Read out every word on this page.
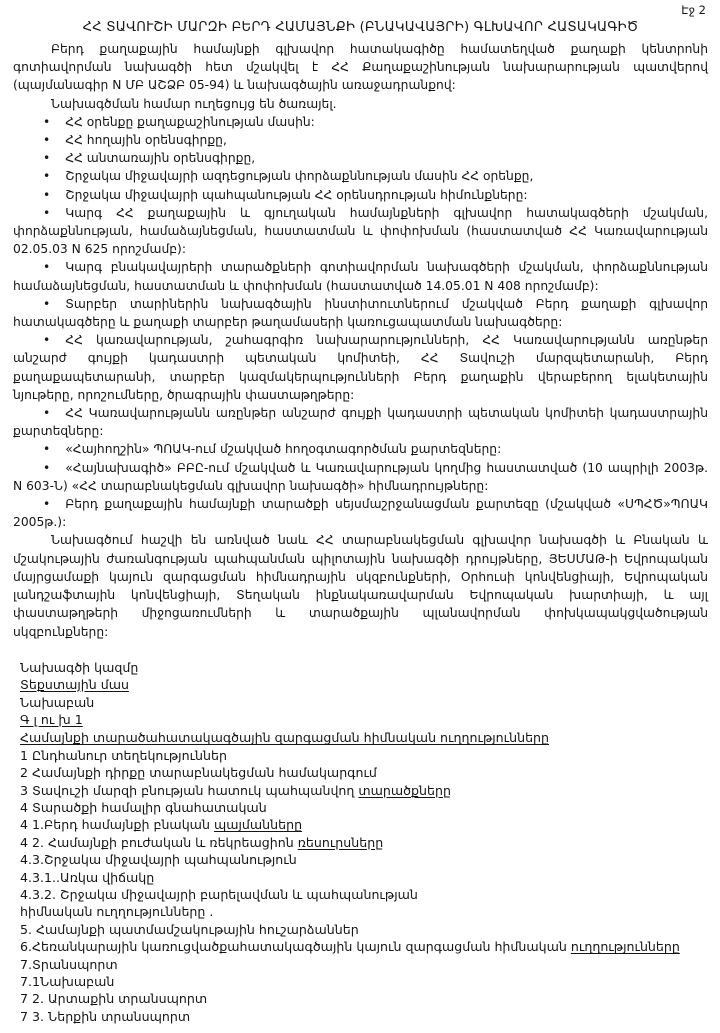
Էջ 2
ՀՀ ՏԱՎՈՒՇԻ ՄԱՐԶԻ ԲԵՐԴ ՀԱՄԱՅՆՔԻ (ԲՆԱԿԱՎԱՅՐԻ) ԳԼԽԱՎՈՐ ՀԱՏԱԿԱԳԻԾ

Բերդ քաղաքային համայնքի գլխավոր հատակագիծը համատեղված քաղաքի կենտրոնի գոտիավորման նախագծի հետ մշակվել է ՀՀ Քաղաքաշինության նախարարության պատվերով (պայմանագիր N ՄԲ ԱՇՁԲ 05-94) և նախագծային առաջադրանքով:

Նախագծման համար ուղեցույց են ծառայել.
• ՀՀ օրենքը քաղաքաշինության մասին:
• ՀՀ հողային օրենսգիրքը,
• ՀՀ անտառային օրենսգիրքը,
• Շրջակա միջավայրի ազդեցության փորձաքննության մասին ՀՀ օրենքը,
• Շրջակա միջավայրի պահպանության ՀՀ օրենսդրության հիմունքները:
• Կարգ ՀՀ քաղաքային և գյուղական համայնքների գլխավոր հատակագծերի մշակման, փորձաքննության, համաձայնեցման, հաստատման և փոփոխման (հաստատված ՀՀ Կառավարության 02.05.03 N 625 որոշմամբ):
• Կարգ բնակավայրերի տարածքների գոտիավորման նախագծերի մշակման, փորձաքննության համաձայնեցման, հաստատման և փոփոխման (հաստատված 14.05.01 N 408 որոշմամբ):
• Տարբեր տարիներին նախագծային ինստիտուտներում մշակված Բերդ քաղաքի գլխավոր հատակագծերը և քաղաքի տարբեր թաղամասերի կառուցապատման նախագծերը:
• ՀՀ կառավարության, շահագրգիռ նախարարությունների, ՀՀ Կառավարությանն առընթեր անշարժ գույքի կադաստրի պետական կոմիտեի, ՀՀ Տավուշի մարզպետարանի, Բերդ քաղաքապետարանի, տարբեր կազմակերպությունների Բերդ քաղաքին վերաբերող ելակետային նյութերը, որոշումները, ծրագրային փաստաթղթերը:
• ՀՀ Կառավարությանն առընթեր անշարժ գույքի կադաստրի պետական կոմիտեի կադաստրային քարտեզները:
• «Հայհողշին» ՊՈԱԿ-ում մշակված հողօգտագործման քարտեզները:
• «Հայնախագիծ» ԲԲԸ-ում մշակված և Կառավարության կողմից հաստատված (10 ապրիլի 2003թ. N 603-Ն) «ՀՀ տարաբնակեցման գլխավոր նախագծի» հիմնադրույթները:
• Բերդ քաղաքային համայնքի տարածքի սեյսմաշրջանացման քարտեզը (մշակված «ՍՊՀԾ»ՊՈԱԿ 2005թ.):

Նախագծում հաշվի են առնված նաև ՀՀ տարաբնակեցման գլխավոր նախագծի և Բնական և մշակութային ժառանգության պահպանման պիլոտային նախագծի դրույթները, ՅԵՍՄԱԹ-ի Եվրոպական մայրցամաքի կայուն զարգացման հիմնադրային սկզբունքների, Օրհուսի կոնվենցիայի, Եվրոպական լանդշաֆտային կոնվենցիայի, Տեղական ինքնակառավարման Եվրոպական խարտիայի, և այլ փաստաթղթերի միջոցառումների և տարածքային պլանավորման փոխկապակցվածության սկզբունքները:

Նախագծի կազմը
Տեքստային մաս
Նախաբան
Գ լ ու խ 1
Համայնքի տարածահատակագծային զարգացման հիմնական ուղղությունները
1 Ընդհանուր տեղեկություններ
2 Համայնքի դիրքը տարաբնակեցման համակարգում
3 Տավուշի մարզի բնության հատուկ պահպանվող տարածքները
4 Տարածքի համալիր գնահատական
4 1.Բերդ համայնքի բնական պայմանները
4 2. Համայնքի բուժական և ռեկրեացիոն ռեսուրսները
4.3.Շրջակա միջավայրի պահպանություն
4.3.1..Առկա վիճակը
4.3.2. Շրջակա միջավայրի բարելավման և պահպանության
հիմնական ուղղությունները .
5. Համայնքի պատմամշակութային հուշարձաններ
6.Հեռանկարային կառուցվածքահատակագծային կայուն զարգացման հիմնական ուղղությունները
7.Տրանսպորտ
7.1Նախաբան
7 2. Արտաքին տրանսպորտ
7 3. Ներքին տրանսպորտ
